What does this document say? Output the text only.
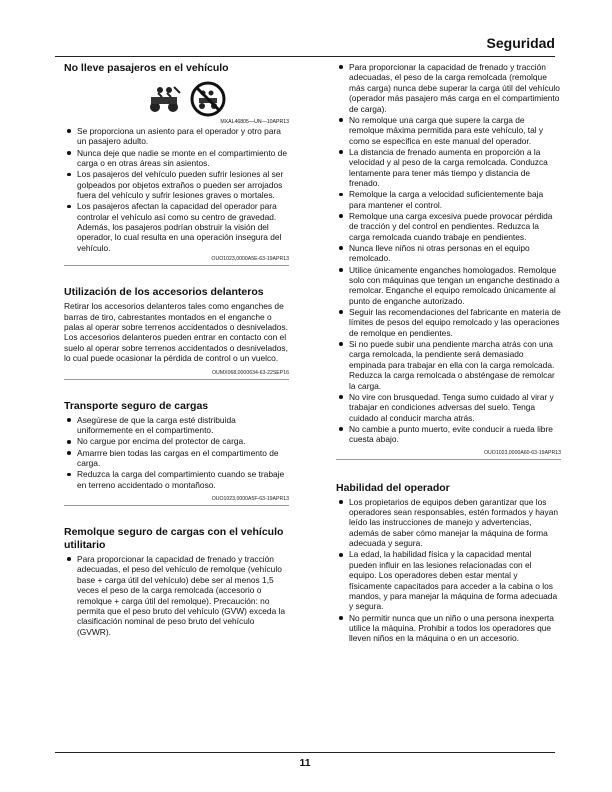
Seguridad
No lleve pasajeros en el vehículo

MXAL46805—UN—10APR13

Se proporciona un asiento para el operador y otro para un pasajero adulto.
Nunca deje que nadie se monte en el compartimiento de carga o en otras áreas sin asientos.
Los pasajeros del vehículo pueden sufrir lesiones al ser golpeados por objetos extraños o pueden ser arrojados fuera del vehículo y sufrir lesiones graves o mortales.
Los pasajeros afectan la capacidad del operador para controlar el vehículo así como su centro de gravedad. Además, los pasajeros podrían obstruir la visión del operador, lo cual resulta en una operación insegura del vehículo.
OUO1023,0000A5E-63-19APR13
Utilización de los accesorios delanteros

Retirar los accesorios delanteros tales como enganches de barras de tiro, cabrestantes montados en el enganche o palas al operar sobre terrenos accidentados o desnivelados. Los accesorios delanteros pueden entrar en contacto con el suelo al operar sobre terrenos accidentados o desnivelados, lo cual puede ocasionar la pérdida de control o un vuelco.

OUMX068,0000634-63-22SEP16
Transporte seguro de cargas
Asegúrese de que la carga esté distribuida uniformemente en el compartimento.
No cargue por encima del protector de carga.
Amarrre bien todas las cargas en el compartimento de carga.
Reduzca la carga del compartimiento cuando se trabaje en terreno accidentado o montañoso.
OUO1023,0000A5F-63-19APR13
Remolque seguro de cargas con el vehículo utilitario
Para proporcionar la capacidad de frenado y tracción adecuadas, el peso del vehículo de remolque (vehículo base + carga útil del vehículo) debe ser al menos 1,5 veces el peso de la carga remolcada (accesorio o remolque + carga útil del remolque). Precaución: no permita que el peso bruto del vehículo (GVW) exceda la clasificación nominal de peso bruto del vehículo (GVWR).
Para proporcionar la capacidad de frenado y tracción adecuadas, el peso de la carga remolcada (remolque más carga) nunca debe superar la carga útil del vehículo (operador más pasajero más carga en el compartimiento de carga).
No remolque una carga que supere la carga de remolque máxima permitida para este vehículo, tal y como se especifica en este manual del operador.
La distancia de frenado aumenta en proporción a la velocidad y al peso de la carga remolcada. Conduzca lentamente para tener más tiempo y distancia de frenado.
Remolque la carga a velocidad suficientemente baja para mantener el control.
Remolque una carga excesiva puede provocar pérdida de tracción y del control en pendientes. Reduzca la carga remolcada cuando trabaje en pendientes.
Nunca lleve niños ni otras personas en el equipo remolcado.
Utilice únicamente enganches homologados. Remolque solo con máquinas que tengan un enganche destinado a remolcar. Enganche el equipo remolcado únicamente al punto de enganche autorizado.
Seguir las recomendaciones del fabricante en materia de límites de pesos del equipo remolcado y las operaciones de remolque en pendientes.
Si no puede subir una pendiente marcha atrás con una carga remolcada, la pendiente será demasiado empinada para trabajar en ella con la carga remolcada. Reduzca la carga remolcada o absténgase de remolcar la carga.
No vire con brusquedad. Tenga sumo cuidado al virar y trabajar en condiciones adversas del suelo. Tenga cuidado al conducir marcha atrás.
No cambie a punto muerto, evite conducir a rueda libre cuesta abajo.
OUO1023,0000A60-63-19APR13
Habilidad del operador
Los propietarios de equipos deben garantizar que los operadores sean responsables, estén formados y hayan leído las instrucciones de manejo y advertencias, además de saber cómo manejar la máquina de forma adecuada y segura.
La edad, la habilidad física y la capacidad mental pueden influir en las lesiones relacionadas con el equipo. Los operadores deben estar mental y físicamente capacitados para acceder a la cabina o los mandos, y para manejar la máquina de forma adecuada y segura.
No permitir nunca que un niño o una persona inexperta utilice la máquina. Prohibir a todos los operadores que lleven niños en la máquina o en un accesorio.
11
